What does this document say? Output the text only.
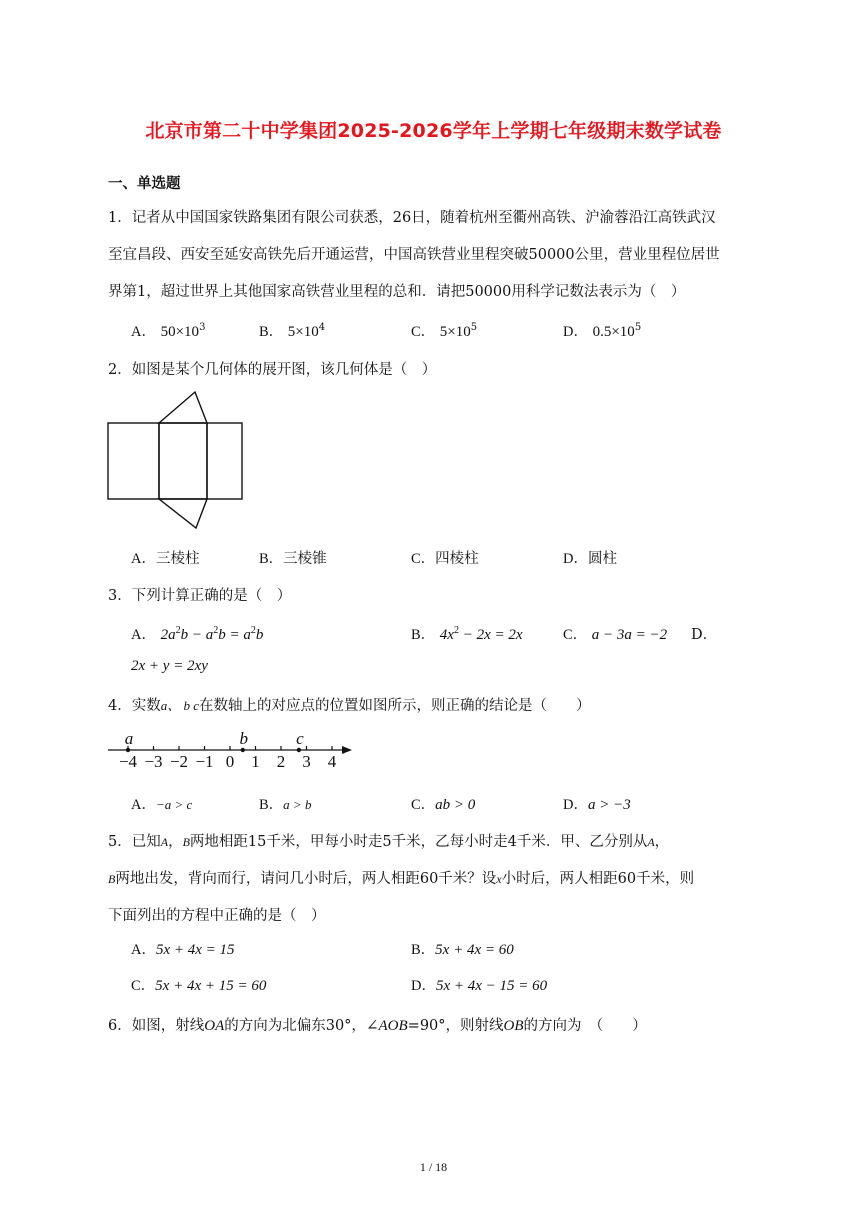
北京市第二十中学集团2025-2026学年上学期七年级期末数学试卷
一、单选题
1．记者从中国国家铁路集团有限公司获悉，26日，随着杭州至衢州高铁、沪渝蓉沿江高铁武汉
至宜昌段、西安至延安高铁先后开通运营，中国高铁营业里程突破50000公里，营业里程位居世
界第1，超过世界上其他国家高铁营业里程的总和．请把50000用科学记数法表示为（　）
A． $50\times 10^3$	B． $5\times 10^4$	C． $5\times 10^5$	D． $0.5\times 10^5$
2．如图是某个几何体的展开图，该几何体是（　）
A．三棱柱	B．三棱锥	C．四棱柱	D．圆柱
3．下列计算正确的是（　）
A． $2a^2b - a^2b = a^2b$	B． $4x^2 - 2x = 2x$	C． a − 3a = −2 D．
2x + y = 2xy
4．实数a、 b c在数轴上的对应点的位置如图所示，则正确的结论是（　　）
−4 −3 −2 −1 0 1 2 3 4
a	b	c
A．−a > c	B．a > b	C．ab > 0	D．a > −3
5．已知A，B两地相距15千米，甲每小时走5千米，乙每小时走4千米．甲、乙分别从A，
B两地出发，背向而行，请问几小时后，两人相距60千米？设x小时后，两人相距60千米，则
下面列出的方程中正确的是（　）
A．5x + 4x = 15	B．5x + 4x = 60
C．5x + 4x + 15 = 60	D．5x + 4x − 15 = 60
6．如图，射线OA的方向为北偏东30°，∠AOB=90°，则射线OB的方向为　（　　）
1 / 18
